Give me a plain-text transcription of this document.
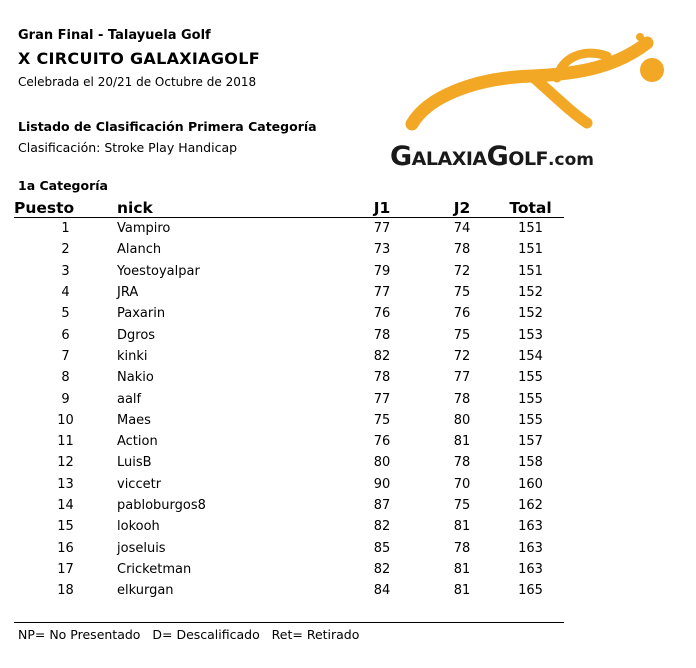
Gran Final - Talayuela Golf
X CIRCUITO GALAXIAGOLF
Celebrada el 20/21 de Octubre de 2018
Listado de Clasificación Primera Categoría
Clasificación: Stroke Play Handicap	GALAXIAGOLF.com
1a Categoría
Puesto	nick	J1	J2	Total
1	Vampiro	77	74	151
2	Alanch	73	78	151
3	Yoestoyalpar	79	72	151
4	JRA	77	75	152
5	Paxarin	76	76	152
6	Dgros	78	75	153
7	kinki	82	72	154
8	Nakio	78	77	155
9	aalf	77	78	155
10	Maes	75	80	155
11	Action	76	81	157
12	LuisB	80	78	158
13	viccetr	90	70	160
14	pabloburgos8	87	75	162
15	lokooh	82	81	163
16	joseluis	85	78	163
17	Cricketman	82	81	163
18	elkurgan	84	81	165
NP= No Presentado   D= Descalificado   Ret= Retirado
